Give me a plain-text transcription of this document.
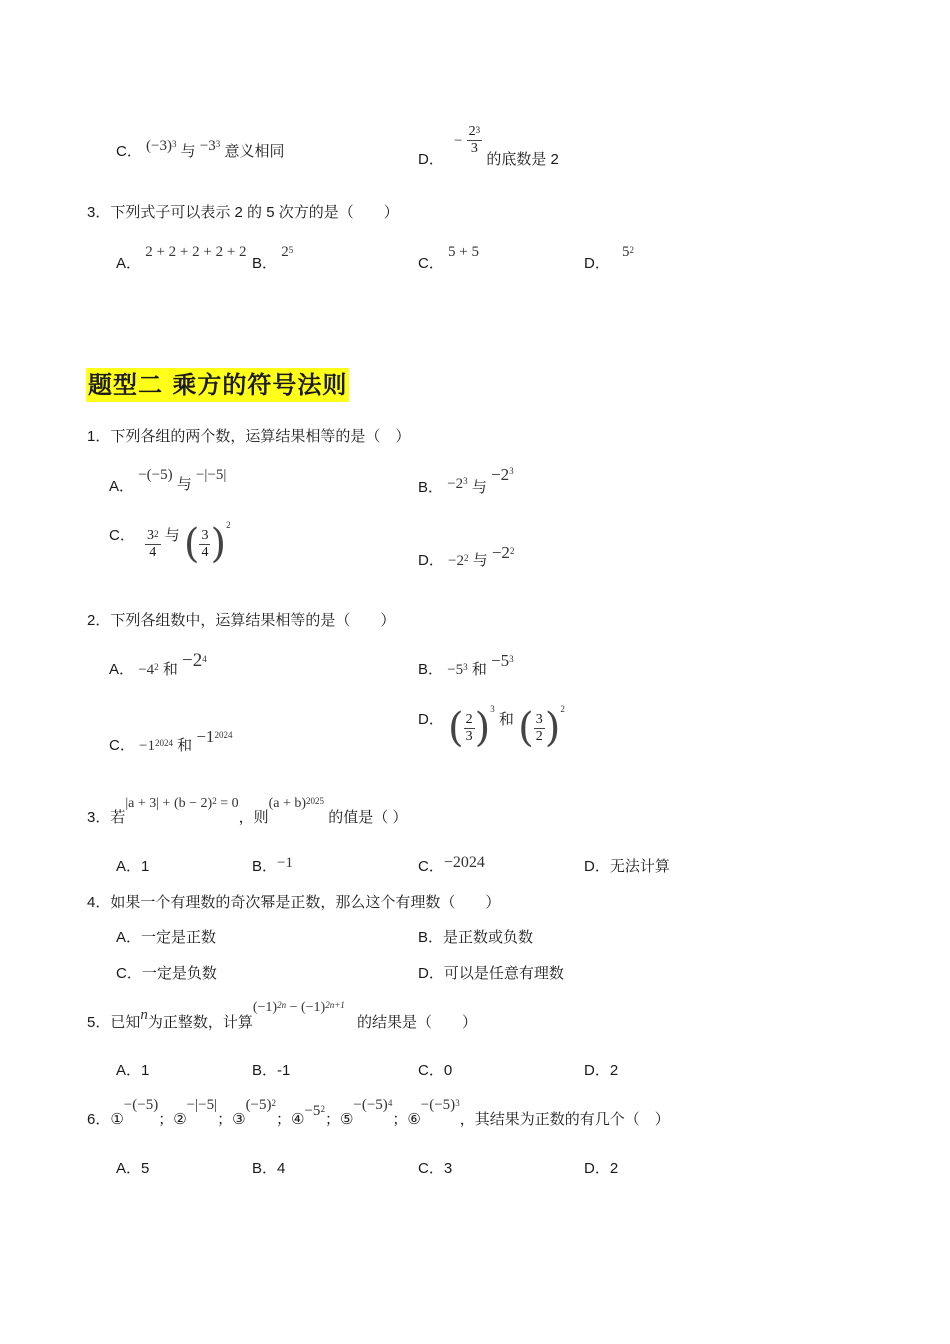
C． $(-3)^3$ 与 $-3^3$ 意义相同	D． − $\frac{2^3}{3}$
的底数是 2
3．下列式子可以表示 2 的 5 次方的是（　　）
A． 2 + 2 + 2 + 2 + 2
B． $2^5$
C． 5 + 5
D． $5^2$
题型二 乘方的符号法则
1．下列各组的两个数，运算结果相等的是（　）
A． −(−5) 与 −|−5|
B． $-2^3$ 与 $-2^3$
C． $\frac{3^2}{4}$ 与 ( $\frac{3}{4} )^2$
D． $-2^2$ 与 $-2^2$
2．下列各组数中，运算结果相等的是（　　）
A． $-4^2$ 和 $-2^4$
B． $-5^3$ 和 $-5^3$
C． $-1^{2024}$ 和 $-1^{2024}$
D． ( $\frac{2}{3} )^3$ 和 ( $\frac{3}{2} )^2$
3．若$|a + 3| + (b - 2)^2 = 0$，则$(a + b)^{2025}$ 的值是（ ）
A．1	B．−1	C．−2024	D．无法计算
4．如果一个有理数的奇次幂是正数，那么这个有理数（　　）
A．一定是正数	B．是正数或负数
C．一定是负数	D．可以是任意有理数
5．已知n为正整数，计算$(-1)^{2n} - (-1)^{2n+1}$ 的结果是（　　）
A．1	B．-1	C．0	D．2
6．①−(−5)；②−|−5|；$③(-5)^2$；$④-5^2$；$⑤-(-5)^4$；$⑥-(-5)^3$，其结果为正数的有几个（　）
A．5	B．4	C．3	D．2
